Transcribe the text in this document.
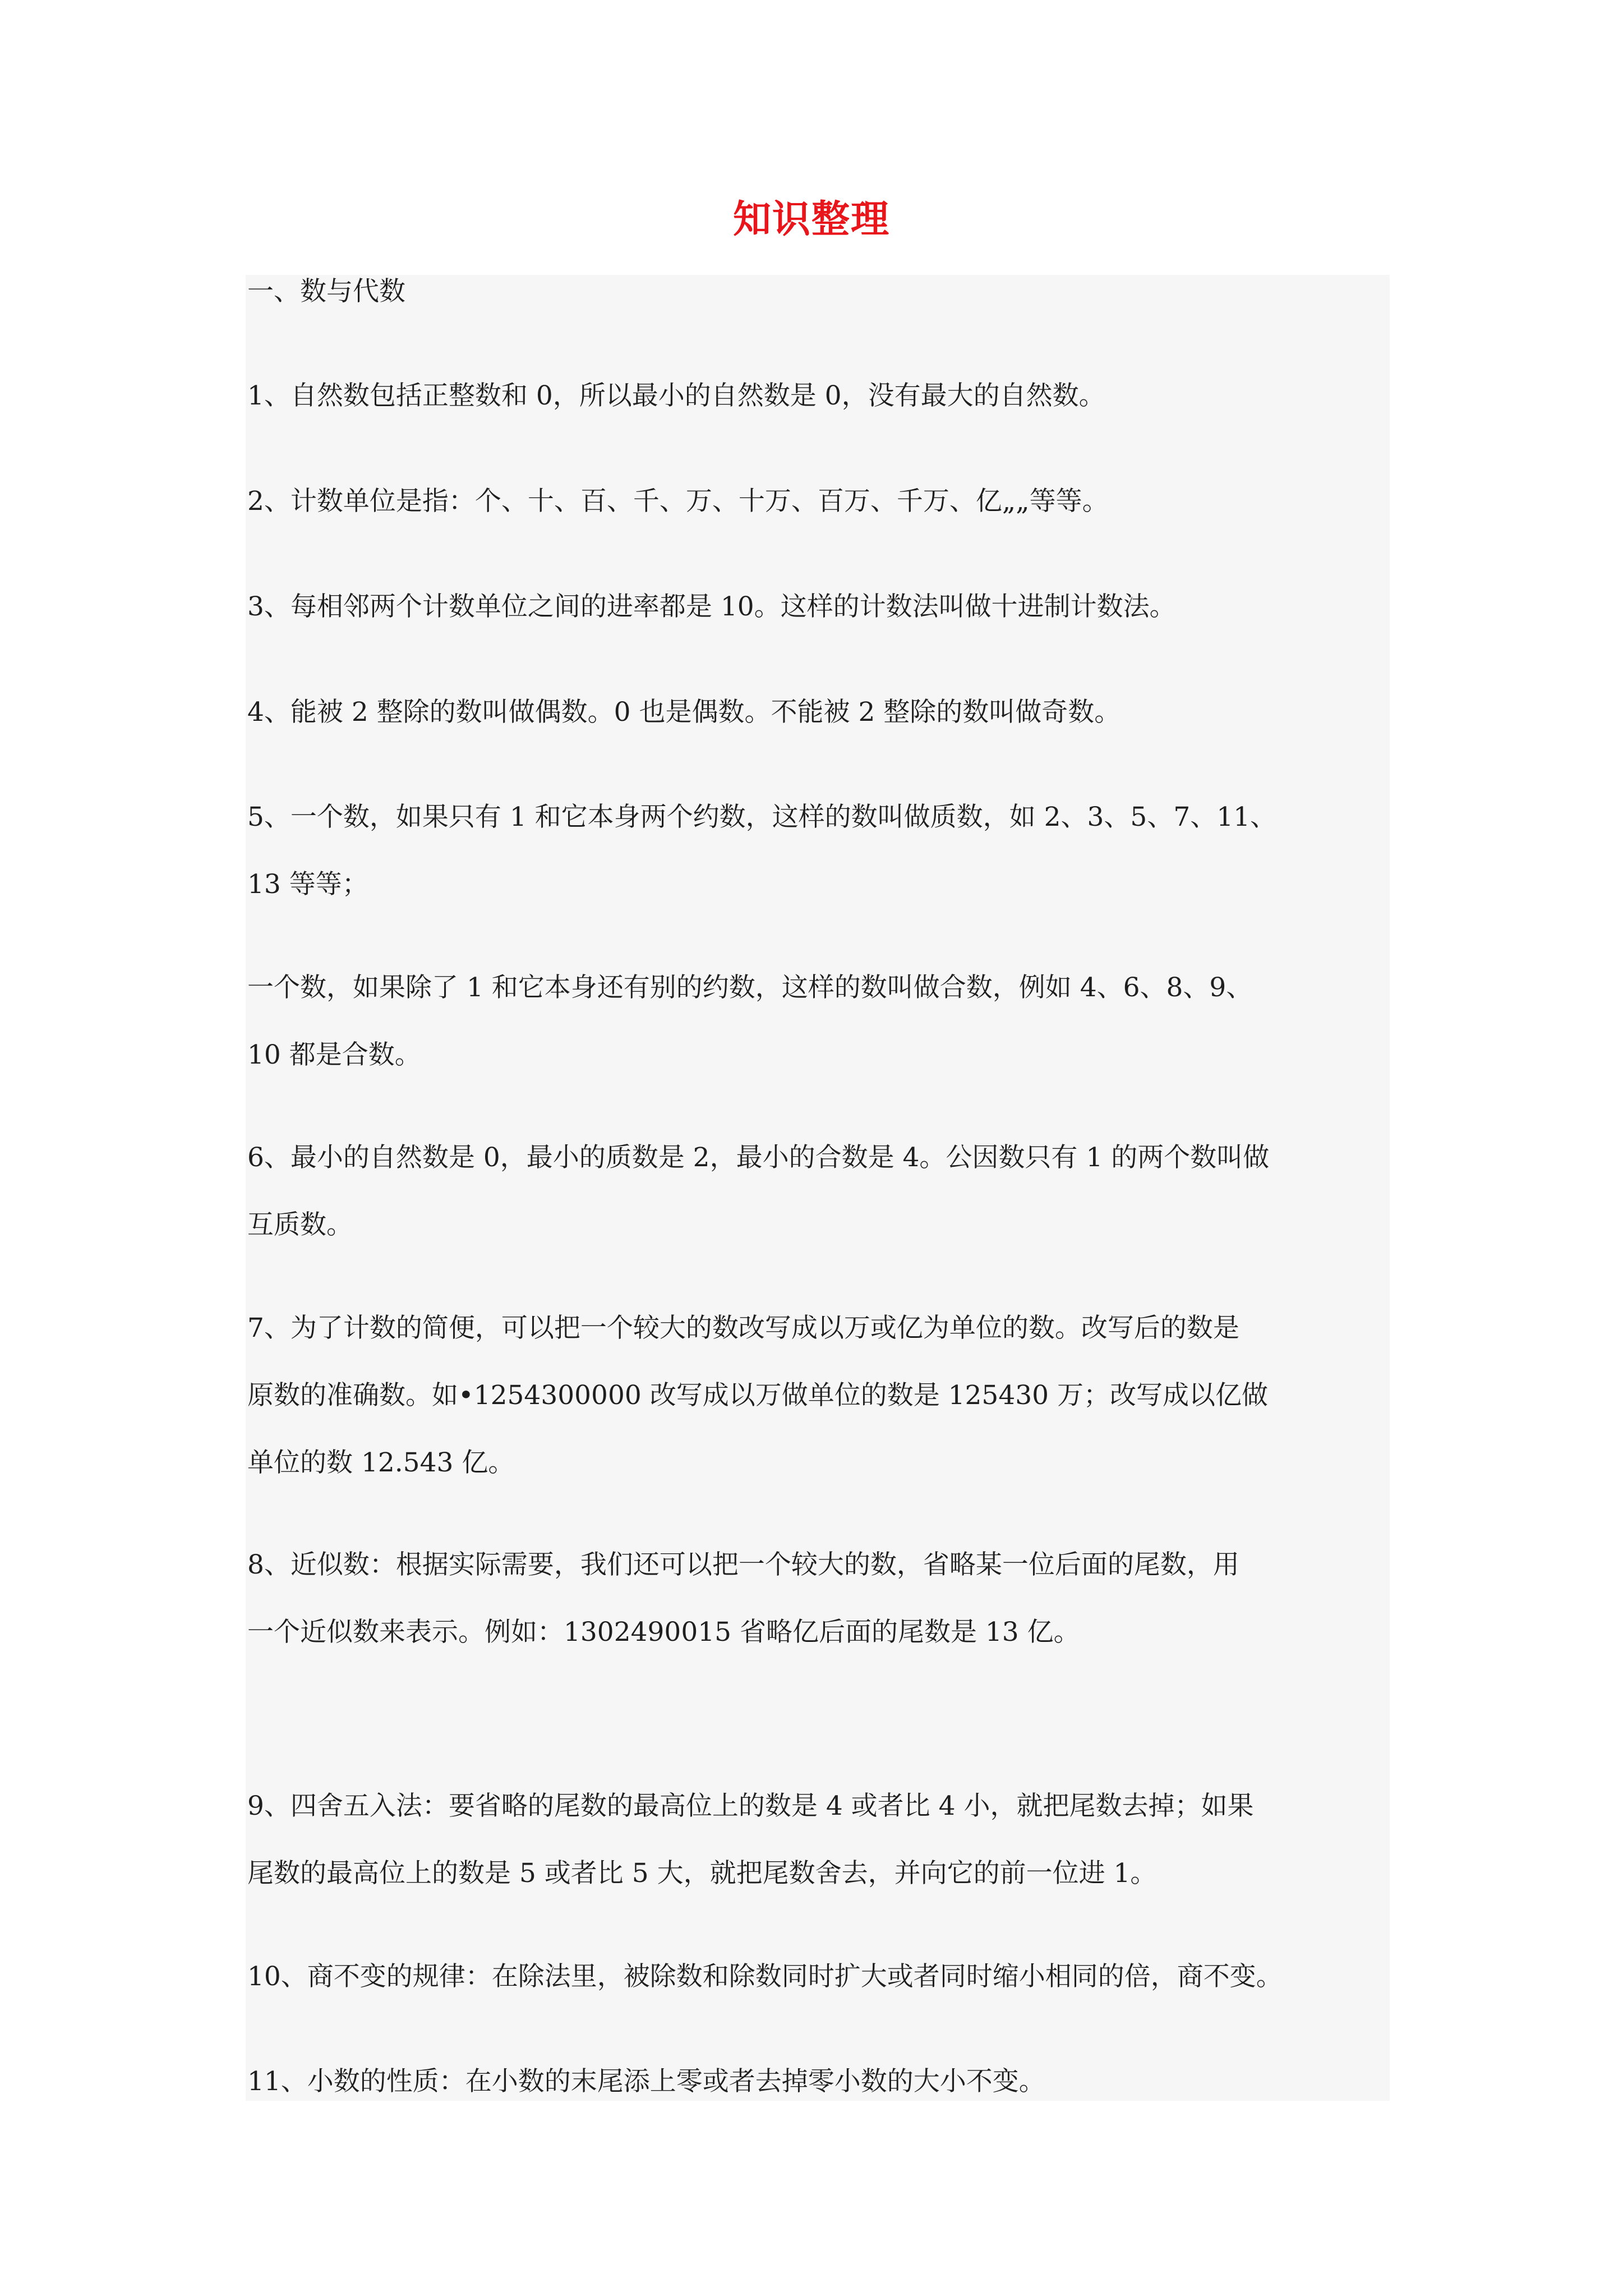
知识整理
一、数与代数
1、自然数包括正整数和 0，所以最小的自然数是 0，没有最大的自然数。
2、计数单位是指：个、十、百、千、万、十万、百万、千万、亿„„等等。
3、每相邻两个计数单位之间的进率都是 10。这样的计数法叫做十进制计数法。
4、能被 2 整除的数叫做偶数。0 也是偶数。不能被 2 整除的数叫做奇数。
5、一个数，如果只有 1 和它本身两个约数，这样的数叫做质数，如 2、3、5、7、11、
13 等等；
一个数，如果除了 1 和它本身还有别的约数，这样的数叫做合数，例如 4、6、8、9、
10 都是合数。
6、最小的自然数是 0，最小的质数是 2，最小的合数是 4。公因数只有 1 的两个数叫做
互质数。
7、为了计数的简便，可以把一个较大的数改写成以万或亿为单位的数。改写后的数是
原数的准确数。如•1254300000 改写成以万做单位的数是 125430 万；改写成以亿做
单位的数 12.543 亿。
8、近似数：根据实际需要，我们还可以把一个较大的数，省略某一位后面的尾数，用
一个近似数来表示。例如：1302490015 省略亿后面的尾数是 13 亿。
9、四舍五入法：要省略的尾数的最高位上的数是 4 或者比 4 小，就把尾数去掉；如果
尾数的最高位上的数是 5 或者比 5 大，就把尾数舍去，并向它的前一位进 1。
10、商不变的规律：在除法里，被除数和除数同时扩大或者同时缩小相同的倍，商不变。
11、小数的性质：在小数的末尾添上零或者去掉零小数的大小不变。
